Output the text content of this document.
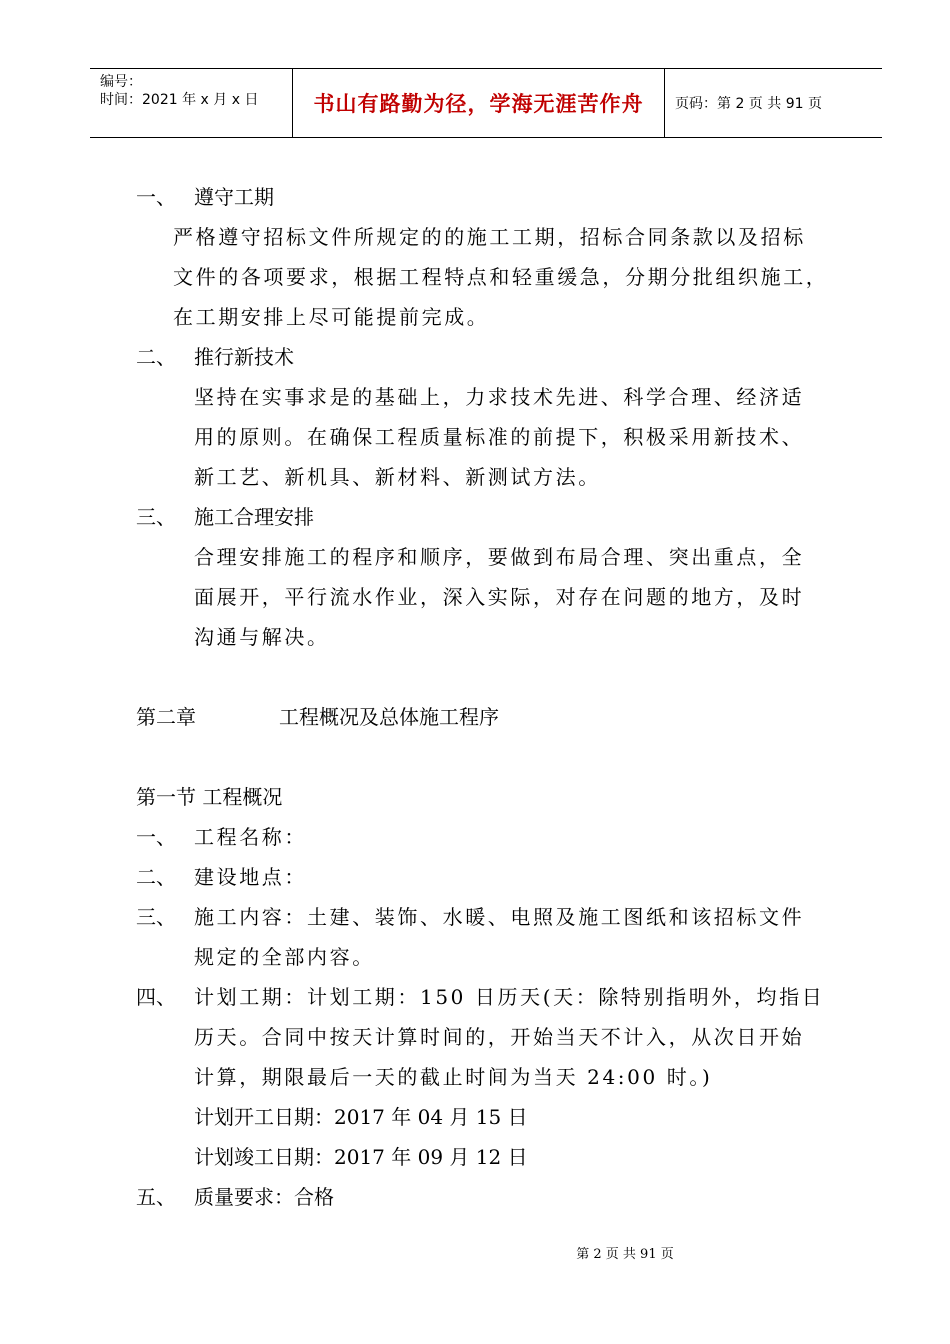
编号：
时间：2021 年 x 月 x 日	书山有路勤为径，学海无涯苦作舟	页码：第 2 页 共 91 页
一、 遵守工期
严格遵守招标文件所规定的的施工工期，招标合同条款以及招标
文件的各项要求，根据工程特点和轻重缓急，分期分批组织施工，
在工期安排上尽可能提前完成。
二、 推行新技术
坚持在实事求是的基础上，力求技术先进、科学合理、经济适
用的原则。在确保工程质量标准的前提下，积极采用新技术、
新工艺、新机具、新材料、新测试方法。
三、 施工合理安排
合理安排施工的程序和顺序，要做到布局合理、突出重点，全
面展开，平行流水作业，深入实际，对存在问题的地方，及时
沟通与解决。
第二章	工程概况及总体施工程序
第一节 工程概况
一、 工程名称：
二、 建设地点：
三、 施工内容：土建、装饰、水暖、电照及施工图纸和该招标文件
规定的全部内容。
四、 计划工期：计划工期：150 日历天(天：除特别指明外，均指日
历天。合同中按天计算时间的，开始当天不计入，从次日开始
计算，期限最后一天的截止时间为当天 24:00 时。)
计划开工日期：2017 年 04 月 15 日
计划竣工日期：2017 年 09 月 12 日
五、 质量要求：合格
第 2 页 共 91 页
